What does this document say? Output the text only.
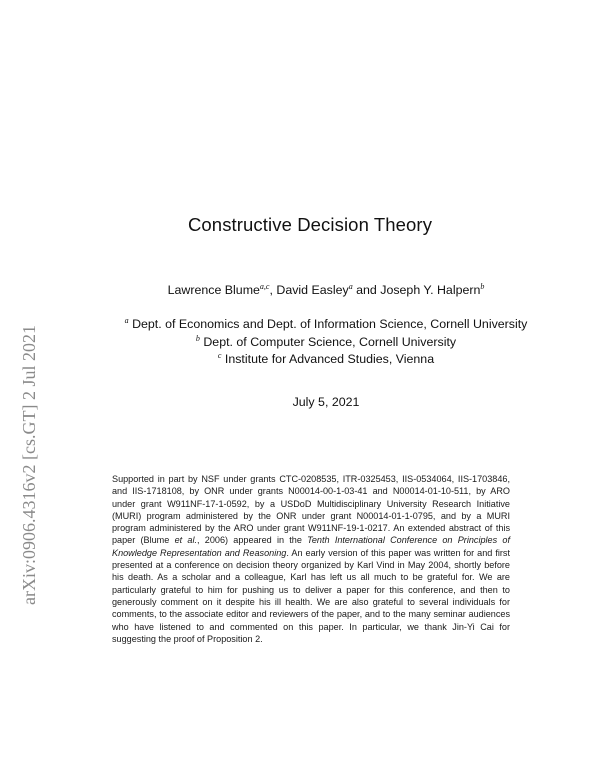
arXiv:0906.4316v2 [cs.GT] 2 Jul 2021
Constructive Decision Theory
Lawrence Blume$^{a,c}$, David Easley$^a$ and Joseph Y. Halpern$^b$
$^a$ Dept. of Economics and Dept. of Information Science, Cornell University
$^b$ Dept. of Computer Science, Cornell University
$^c$ Institute for Advanced Studies, Vienna
July 5, 2021

Supported in part by NSF under grants CTC-0208535, ITR-0325453, IIS-0534064, IIS-1703846, and IIS-1718108, by ONR under grants N00014-00-1-03-41 and N00014-01-10-511, by ARO under grant W911NF-17-1-0592, by a USDoD Multidisciplinary University Research Initiative (MURI) program administered by the ONR under grant N00014-01-1-0795, and by a MURI program administered by the ARO under grant W911NF-19-1-0217. An extended abstract of this paper (Blume et al., 2006) appeared in the Tenth International Conference on Principles of Knowledge Representation and Reasoning. An early version of this paper was written for and first presented at a conference on decision theory organized by Karl Vind in May 2004, shortly before his death. As a scholar and a colleague, Karl has left us all much to be grateful for. We are particularly grateful to him for pushing us to deliver a paper for this conference, and then to generously comment on it despite his ill health. We are also grateful to several individuals for comments, to the associate editor and reviewers of the paper, and to the many seminar audiences who have listened to and commented on this paper. In particular, we thank Jin-Yi Cai for suggesting the proof of Proposition 2.
